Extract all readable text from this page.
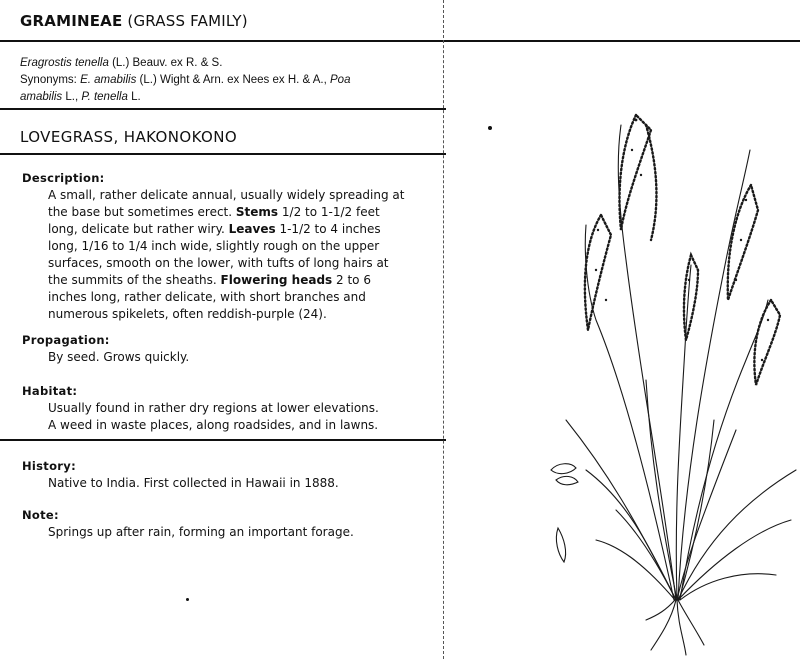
GRAMINEAE (GRASS FAMILY)
Eragrostis tenella (L.) Beauv. ex R. & S.
Synonyms: E. amabilis (L.) Wight & Arn. ex Nees ex H. & A., Poa
amabilis L., P. tenella L.
LOVEGRASS, HAKONOKONO
Description:
A small, rather delicate annual, usually widely spreading at the base but sometimes erect. Stems 1/2 to 1-1/2 feet long, delicate but rather wiry. Leaves 1-1/2 to 4 inches long, 1/16 to 1/4 inch wide, slightly rough on the upper surfaces, smooth on the lower, with tufts of long hairs at the summits of the sheaths. Flowering heads 2 to 6 inches long, rather delicate, with short branches and numerous spikelets, often reddish-purple (24).
Propagation:
By seed. Grows quickly.
Habitat:

Usually found in rather dry regions at lower elevations.

A weed in waste places, along roadsides, and in lawns.

History:
Native to India. First collected in Hawaii in 1888.
Note:
Springs up after rain, forming an important forage.
